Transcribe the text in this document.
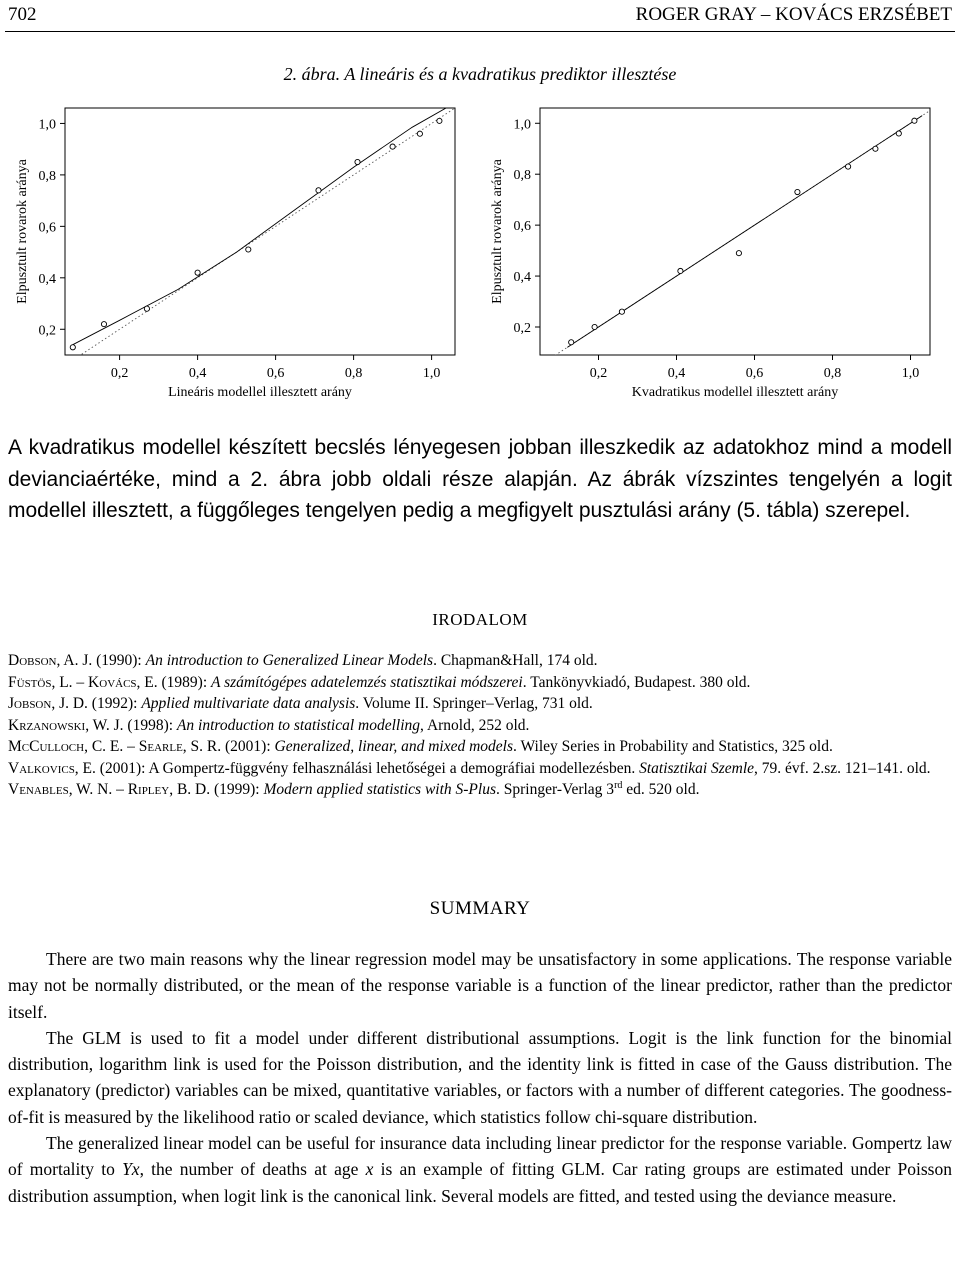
702	ROGER GRAY – KOVÁCS ERZSÉBET
2. ábra. A lineáris és a kvadratikus prediktor illesztése
0,2	0,4	0,6	0,8	1,0
0,2
0,4
0,6
0,8
1,0
Lineáris modellel illesztett arány
Elpusztult rovarok aránya
0,2	0,4	0,6	0,8	1,0
0,2
0,4
0,6
0,8
1,0
Kvadratikus modellel illesztett arány
Elpusztult rovarok aránya
A kvadratikus modellel készített becslés lényegesen jobban illeszkedik az adatokhoz mind a modell devianciaértéke, mind a 2. ábra jobb oldali része alapján. Az ábrák vízszintes tengelyén a logit modellel illesztett, a függőleges tengelyen pedig a megfigyelt pusztulási arány (5. tábla) szerepel.
IRODALOM
Dobson, A. J. (1990): An introduction to Generalized Linear Models. Chapman&Hall, 174 old.
Füstös, L. – Kovács, E. (1989): A számítógépes adatelemzés statisztikai módszerei. Tankönyvkiadó, Budapest. 380 old.
Jobson, J. D. (1992): Applied multivariate data analysis. Volume II. Springer–Verlag, 731 old.
Krzanowski, W. J. (1998): An introduction to statistical modelling, Arnold, 252 old.
McCulloch, C. E. – Searle, S. R. (2001): Generalized, linear, and mixed models. Wiley Series in Probability and Statistics, 325 old.
Valkovics, E. (2001): A Gompertz-függvény felhasználási lehetőségei a demográfiai modellezésben. Statisztikai Szemle, 79. évf. 2.sz. 121–141. old.
Venables, W. N. – Ripley, B. D. (1999): Modern applied statistics with S-Plus. Springer-Verlag 3rd ed. 520 old.
SUMMARY

There are two main reasons why the linear regression model may be unsatisfactory in some applications. The response variable may not be normally distributed, or the mean of the response variable is a function of the linear predictor, rather than the predictor itself.

The GLM is used to fit a model under different distributional assumptions. Logit is the link function for the binomial distribution, logarithm link is used for the Poisson distribution, and the identity link is fitted in case of the Gauss distribution. The explanatory (predictor) variables can be mixed, quantitative variables, or factors with a number of different categories. The goodness-of-fit is measured by the likelihood ratio or scaled deviance, which statistics follow chi-square distribution.

The generalized linear model can be useful for insurance data including linear predictor for the response variable. Gompertz law of mortality to Yx, the number of deaths at age x is an example of fitting GLM. Car rating groups are estimated under Poisson distribution assumption, when logit link is the canonical link. Several models are fitted, and tested using the deviance measure.
